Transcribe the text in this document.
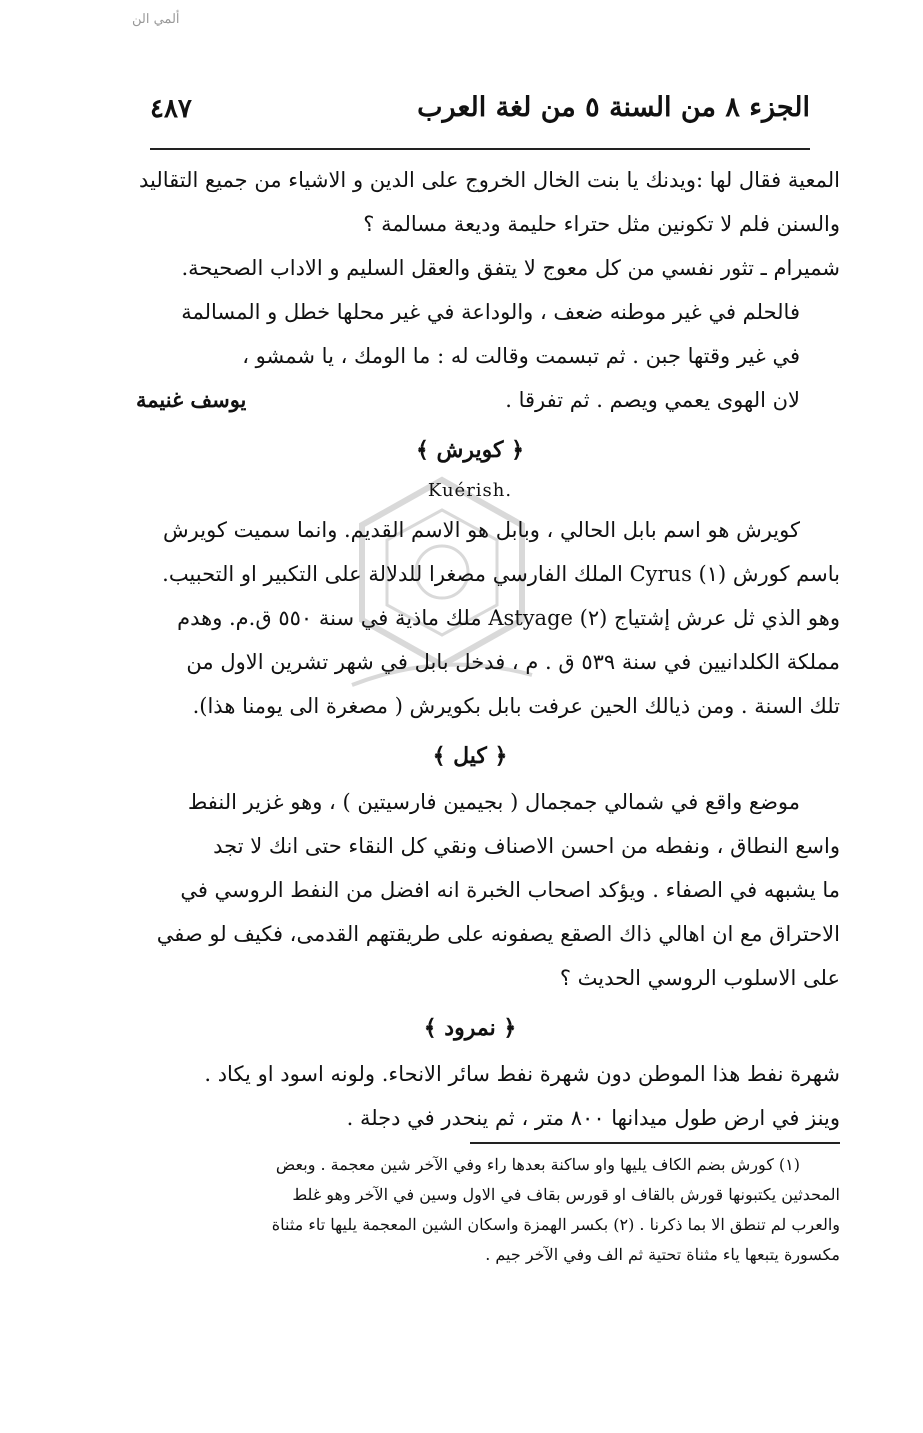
ألمي الن
الجزء ٨ من السنة ٥ من لغة العرب
٤٨٧

المعية فقال لها :ويدنك يا بنت الخال الخروج على الدين و الاشياء من جميع التقاليد

والسنن فلم لا تكونين مثل حتراء حليمة وديعة مسالمة ؟

شميرام ـ تثور نفسي من كل معوج لا يتفق والعقل السليم و الاداب الصحيحة.

فالحلم في غير موطنه ضعف ، والوداعة في غير محلها خطل و المسالمة

في غير وقتها جبن . ثم تبسمت وقالت له : ما الومك ، يا شمشو ،

لان الهوى يعمي ويصم . ثم تفرقا .
يوسف غنيمة
﴿ كويرش ﴾
Kuérish.

كويرش هو اسم بابل الحالي ، وبابل هو الاسم القديم. وانما سميت كويرش

باسم كورش (١) Cyrus الملك الفارسي مصغرا للدلالة على التكبير او التحبيب.

وهو الذي ثل عرش إشتياج (٢) Astyage ملك ماذية في سنة ٥٥٠ ق.م. وهدم

مملكة الكلدانيين في سنة ٥٣٩ ق . م ، فدخل بابل في شهر تشرين الاول من

تلك السنة . ومن ذيالك الحين عرفت بابل بكويرش ( مصغرة الى يومنا هذا).

﴿ كيل ﴾

موضع واقع في شمالي جمجمال ( بجيمين فارسيتين ) ، وهو غزير النفط

واسع النطاق ، ونفطه من احسن الاصناف ونقي كل النقاء حتى انك لا تجد

ما يشبهه في الصفاء . ويؤكد اصحاب الخبرة انه افضل من النفط الروسي في

الاحتراق مع ان اهالي ذاك الصقع يصفونه على طريقتهم القدمى، فكيف لو صفي

على الاسلوب الروسي الحديث ؟

﴿ نمرود ﴾

شهرة نفط هذا الموطن دون شهرة نفط سائر الانحاء. ولونه اسود او يكاد .

وينز في ارض طول ميدانها ٨٠٠ متر ، ثم ينحدر في دجلة .

(١) كورش بضم الكاف يليها واو ساكنة بعدها راء وفي الآخر شين معجمة . وبعض

المحدثين يكتبونها قورش بالقاف او قورس بقاف في الاول وسين في الآخر وهو غلط

والعرب لم تنطق الا بما ذكرنا . (٢) بكسر الهمزة واسكان الشين المعجمة يليها تاء مثناة

مكسورة يتبعها ياء مثناة تحتية ثم الف وفي الآخر جيم .
